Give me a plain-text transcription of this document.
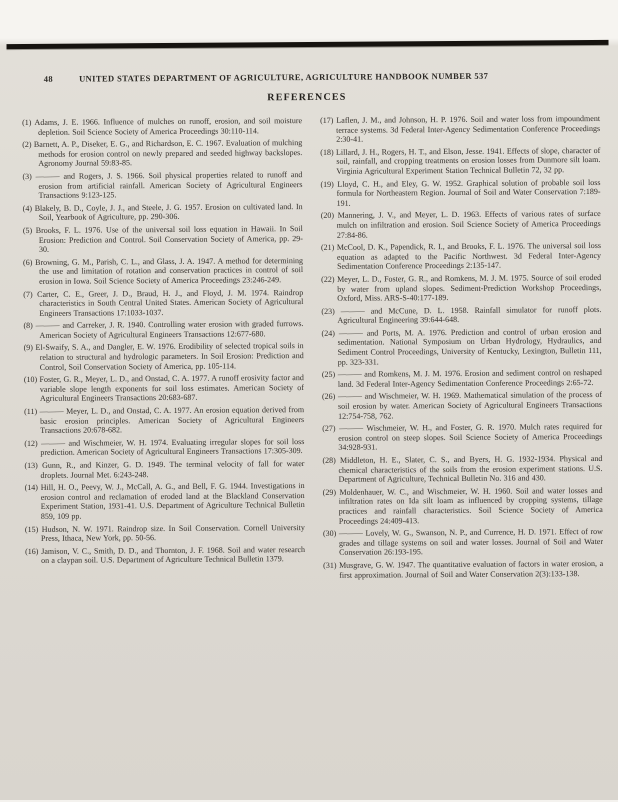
48	UNITED STATES DEPARTMENT OF AGRICULTURE, AGRICULTURE HANDBOOK NUMBER 537
REFERENCES
(1) Adams, J. E. 1966. Influence of mulches on runoff, erosion, and soil moisture depletion. Soil Science Society of America Proceedings 30:110-114.
(2) Barnett, A. P., Diseker, E. G., and Richardson, E. C. 1967. Evaluation of mulching methods for erosion control on newly prepared and seeded highway backslopes. Agronomy Journal 59:83-85.
(3) ——— and Rogers, J. S. 1966. Soil physical properties related to runoff and erosion from artificial rainfall. American Society of Agricultural Engineers Transactions 9:123-125.
(4) Blakely, B. D., Coyle, J. J., and Steele, J. G. 1957. Erosion on cultivated land. In Soil, Yearbook of Agriculture, pp. 290-306.
(5) Brooks, F. L. 1976. Use of the universal soil loss equation in Hawaii. In Soil Erosion: Prediction and Control. Soil Conservation Society of America, pp. 29-30.
(6) Browning, G. M., Parish, C. L., and Glass, J. A. 1947. A method for determining the use and limitation of rotation and conservation practices in control of soil erosion in Iowa. Soil Science Society of America Proceedings 23:246-249.
(7) Carter, C. E., Greer, J. D., Braud, H. J., and Floyd, J. M. 1974. Raindrop characteristics in South Central United States. American Society of Agricultural Engineers Transactions 17:1033-1037.
(8) ——— and Carreker, J. R. 1940. Controlling water erosion with graded furrows. American Society of Agricultural Engineers Transactions 12:677-680.
(9) El-Swaify, S. A., and Dangler, E. W. 1976. Erodibility of selected tropical soils in relation to structural and hydrologic parameters. In Soil Erosion: Prediction and Control, Soil Conservation Society of America, pp. 105-114.
(10) Foster, G. R., Meyer, L. D., and Onstad, C. A. 1977. A runoff erosivity factor and variable slope length exponents for soil loss estimates. American Society of Agricultural Engineers Transactions 20:683-687.
(11) ——— Meyer, L. D., and Onstad, C. A. 1977. An erosion equation derived from basic erosion principles. American Society of Agricultural Engineers Transactions 20:678-682.
(12) ——— and Wischmeier, W. H. 1974. Evaluating irregular slopes for soil loss prediction. American Society of Agricultural Engineers Transactions 17:305-309.
(13) Gunn, R., and Kinzer, G. D. 1949. The terminal velocity of fall for water droplets. Journal Met. 6:243-248.
(14) Hill, H. O., Peevy, W. J., McCall, A. G., and Bell, F. G. 1944. Investigations in erosion control and reclamation of eroded land at the Blackland Conservation Experiment Station, 1931-41. U.S. Department of Agriculture Technical Bulletin 859, 109 pp.
(15) Hudson, N. W. 1971. Raindrop size. In Soil Conservation. Cornell University Press, Ithaca, New York, pp. 50-56.
(16) Jamison, V. C., Smith, D. D., and Thornton, J. F. 1968. Soil and water research on a claypan soil. U.S. Department of Agriculture Technical Bulletin 1379.
(17) Laflen, J. M., and Johnson, H. P. 1976. Soil and water loss from impoundment terrace systems. 3d Federal Inter-Agency Sedimentation Conference Proceedings 2:30-41.
(18) Lillard, J. H., Rogers, H. T., and Elson, Jesse. 1941. Effects of slope, character of soil, rainfall, and cropping treatments on erosion losses from Dunmore silt loam. Virginia Agricultural Experiment Station Technical Bulletin 72, 32 pp.
(19) Lloyd, C. H., and Eley, G. W. 1952. Graphical solution of probable soil loss formula for Northeastern Region. Journal of Soil and Water Conservation 7:189-191.
(20) Mannering, J. V., and Meyer, L. D. 1963. Effects of various rates of surface mulch on infiltration and erosion. Soil Science Society of America Proceedings 27:84-86.
(21) McCool, D. K., Papendick, R. I., and Brooks, F. L. 1976. The universal soil loss equation as adapted to the Pacific Northwest. 3d Federal Inter-Agency Sedimentation Conference Proceedings 2:135-147.
(22) Meyer, L. D., Foster, G. R., and Romkens, M. J. M. 1975. Source of soil eroded by water from upland slopes. Sediment-Prediction Workshop Proceedings, Oxford, Miss. ARS-S-40:177-189.
(23) ——— and McCune, D. L. 1958. Rainfall simulator for runoff plots. Agricultural Engineering 39:644-648.
(24) ——— and Ports, M. A. 1976. Prediction and control of urban erosion and sedimentation. National Symposium on Urban Hydrology, Hydraulics, and Sediment Control Proceedings, University of Kentucky, Lexington, Bulletin 111, pp. 323-331.
(25) ——— and Romkens, M. J. M. 1976. Erosion and sediment control on reshaped land. 3d Federal Inter-Agency Sedimentation Conference Proceedings 2:65-72.
(26) ——— and Wischmeier, W. H. 1969. Mathematical simulation of the process of soil erosion by water. American Society of Agricultural Engineers Transactions 12:754-758, 762.
(27) ——— Wischmeier, W. H., and Foster, G. R. 1970. Mulch rates required for erosion control on steep slopes. Soil Science Society of America Proceedings 34:928-931.
(28) Middleton, H. E., Slater, C. S., and Byers, H. G. 1932-1934. Physical and chemical characteristics of the soils from the erosion experiment stations. U.S. Department of Agriculture, Technical Bulletin No. 316 and 430.
(29) Moldenhauer, W. C., and Wischmeier, W. H. 1960. Soil and water losses and infiltration rates on Ida silt loam as influenced by cropping systems, tillage practices and rainfall characteristics. Soil Science Society of America Proceedings 24:409-413.
(30) ——— Lovely, W. G., Swanson, N. P., and Currence, H. D. 1971. Effect of row grades and tillage systems on soil and water losses. Journal of Soil and Water Conservation 26:193-195.
(31) Musgrave, G. W. 1947. The quantitative evaluation of factors in water erosion, a first approximation. Journal of Soil and Water Conservation 2(3):133-138.
